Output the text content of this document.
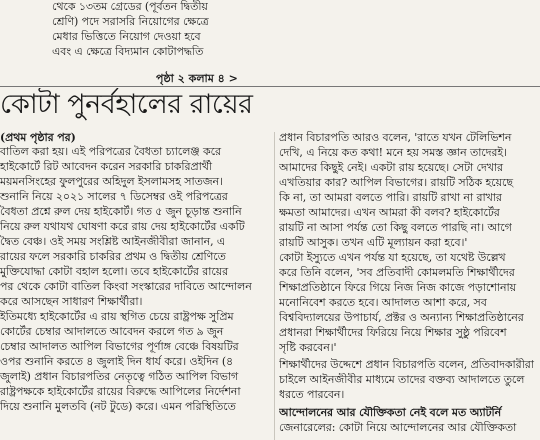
থেকে ১৩তম গ্রেডের (পূর্বতন দ্বিতীয়
শ্রেণি) পদে সরাসরি নিয়োগের ক্ষেত্রে
মেধার ভিত্তিতে নিয়োগ দেওয়া হবে
এবং এ ক্ষেত্রে বিদ্যমান কোটাপদ্ধতি
পৃষ্ঠা ২ কলাম ৪ >
কোটা পুনর্বহালের রায়ের
(প্রথম পৃষ্ঠার পর)
বাতিল করা হয়। এই পরিপত্রের বৈধতা চ্যালেঞ্জ করে
হাইকোর্টে রিট আবেদন করেন সরকারি চাকরিপ্রার্থী
ময়মনসিংহের ফুলপুরের অহিদুল ইসলামসহ সাতজন।
শুনানি নিয়ে ২০২১ সালের ৭ ডিসেম্বর ওই পরিপত্রের
বৈধতা প্রশ্নে রুল দেয় হাইকোর্ট। গত ৫ জুন চূড়ান্ত শুনানি
নিয়ে রুল যথাযথ ঘোষণা করে রায় দেয় হাইকোর্টের একটি
দ্বৈত বেঞ্চ। ওই সময় সংশ্লিষ্ট আইনজীবীরা জানান, এ
রায়ের ফলে সরকারি চাকরির প্রথম ও দ্বিতীয় শ্রেণিতে
মুক্তিযোদ্ধা কোটা বহাল হলো। তবে হাইকোর্টের রায়ের
পর থেকে কোটা বাতিল কিংবা সংস্কারের দাবিতে আন্দোলন
করে আসছেন সাধারণ শিক্ষার্থীরা।
ইতিমধ্যে হাইকোর্টের এ রায় স্থগিত চেয়ে রাষ্ট্রপক্ষ সুপ্রিম
কোর্টের চেম্বার আদালতে আবেদন করলে গত ৯ জুন
চেম্বার আদালত আপিল বিভাগের পূর্ণাঙ্গ বেঞ্চে বিষয়টির
ওপর শুনানি করতে ৪ জুলাই দিন ধার্য করে। ওইদিন (৪
জুলাই) প্রধান বিচারপতির নেতৃত্বে গঠিত আপিল বিভাগ
রাষ্ট্রপক্ষকে হাইকোর্টের রায়ের বিরুদ্ধে আপিলের নির্দেশনা
দিয়ে শুনানি মুলতবি (নট টুডে) করে। এমন পরিস্থিতিতে
প্রধান বিচারপতি আরও বলেন, 'রাতে যখন টেলিভিশন
দেখি, এ নিয়ে কত কথা! মনে হয় সমস্ত জ্ঞান তাদেরই।
আমাদের কিছুই নেই। একটা রায় হয়েছে। সেটা দেখার
এখতিয়ার কার? আপিল বিভাগের। রায়টি সঠিক হয়েছে
কি না, তা আমরা বলতে পারি। রায়টি রাখা না রাখার
ক্ষমতা আমাদের। এখন আমরা কী বলব? হাইকোর্টের
রায়টি না আসা পর্যন্ত তো কিছু বলতে পারছি না। আগে
রায়টি আসুক। তখন এটি মূল্যায়ন করা হবে।'
কোটা ইস্যুতে এখন পর্যন্ত যা হয়েছে, তা যথেষ্ট উল্লেখ
করে তিনি বলেন, 'সব প্রতিবাদী কোমলমতি শিক্ষার্থীদের
শিক্ষাপ্রতিষ্ঠানে ফিরে গিয়ে নিজ নিজ কাজে পড়াশোনায়
মনোনিবেশ করতে হবে। আদালত আশা করে, সব
বিশ্ববিদ্যালয়ের উপাচার্য, প্রক্টর ও অন্যান্য শিক্ষাপ্রতিষ্ঠানের
প্রধানরা শিক্ষার্থীদের ফিরিয়ে নিয়ে শিক্ষার সুষ্ঠু পরিবেশ
সৃষ্টি করবেন।'
শিক্ষার্থীদের উদ্দেশে প্রধান বিচারপতি বলেন, প্রতিবাদকারীরা
চাইলে আইনজীবীর মাধ্যমে তাদের বক্তব্য আদালতে তুলে
ধরতে পারবেন।
আন্দোলনের আর যৌক্তিকতা নেই বলে মত অ্যাটর্নি
জেনারেলের: কোটা নিয়ে আন্দোলনের আর যৌক্তিকতা
